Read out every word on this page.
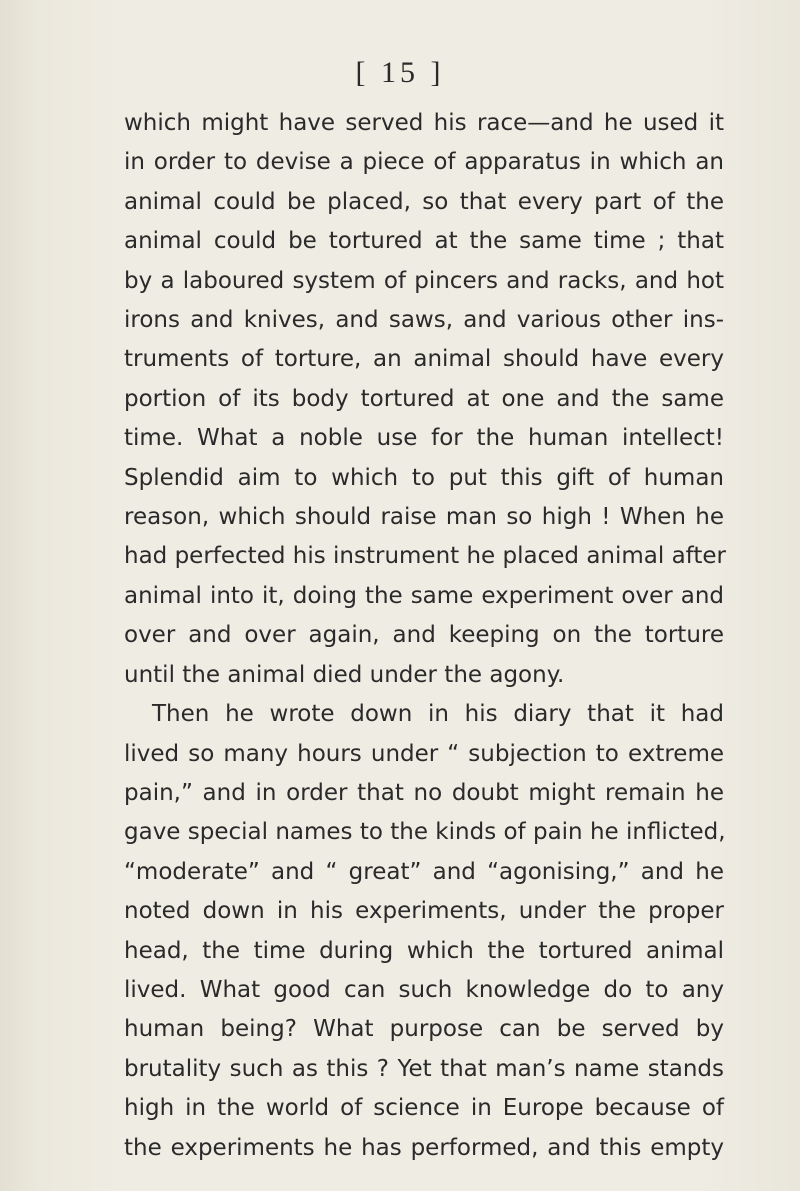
[ 15 ]

which might have served his race—and he used it

in order to devise a piece of apparatus in which an

animal could be placed, so that every part of the

animal could be tortured at the same time ; that

by a laboured system of pincers and racks, and hot

irons and knives, and saws, and various other ins-

truments of torture, an animal should have every

portion of its body tortured at one and the same

time. What a noble use for the human intellect!

Splendid aim to which to put this gift of human

reason, which should raise man so high ! When he

had perfected his instrument he placed animal after

animal into it, doing the same experiment over and

over and over again, and keeping on the torture

until the animal died under the agony.

Then he wrote down in his diary that it had

lived so many hours under “ subjection to extreme

pain,” and in order that no doubt might remain he

gave special names to the kinds of pain he inflicted,

“moderate” and “ great” and “agonising,” and he

noted down in his experiments, under the proper

head, the time during which the tortured animal

lived. What good can such knowledge do to any

human being? What purpose can be served by

brutality such as this ? Yet that man’s name stands

high in the world of science in Europe because of

the experiments he has performed, and this empty
